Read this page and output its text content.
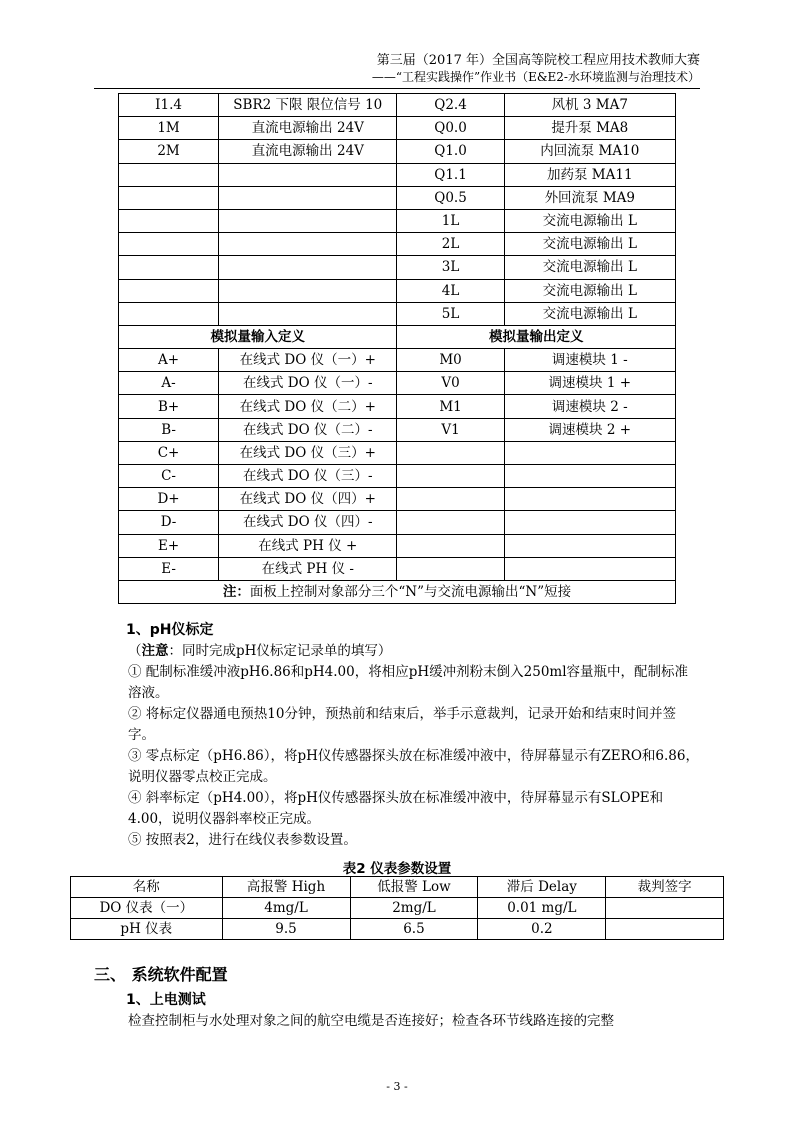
第三届（2017 年）全国高等院校工程应用技术教师大赛
——“工程实践操作”作业书（E&E2-水环境监测与治理技术）
I1.4	SBR2 下限 限位信号 10	Q2.4	风机 3 MA7
1M	直流电源输出 24V	Q0.0	提升泵 MA8
2M	直流电源输出 24V	Q1.0	内回流泵 MA10
		Q1.1	加药泵 MA11
		Q0.5	外回流泵 MA9
		1L	交流电源输出 L
		2L	交流电源输出 L
		3L	交流电源输出 L
		4L	交流电源输出 L
		5L	交流电源输出 L
模拟量输入定义		模拟量输出定义	
A+	在线式 DO 仪（一）+	M0	调速模块 1 -
A-	在线式 DO 仪（一）-	V0	调速模块 1 +
B+	在线式 DO 仪（二）+	M1	调速模块 2 -
B-	在线式 DO 仪（二）-	V1	调速模块 2 +
C+	在线式 DO 仪（三）+		
C-	在线式 DO 仪（三）-		
D+	在线式 DO 仪（四）+		
D-	在线式 DO 仪（四）-		
E+	在线式 PH 仪 +		
E-	在线式 PH 仪 -		
注：面板上控制对象部分三个“N”与交流电源输出“N”短接			
1、pH仪标定
（注意：同时完成pH仪标定记录单的填写）
① 配制标准缓冲液pH6.86和pH4.00，将相应pH缓冲剂粉末倒入250ml容量瓶中，配制标准溶液。
② 将标定仪器通电预热10分钟，预热前和结束后，举手示意裁判，记录开始和结束时间并签字。
③ 零点标定（pH6.86），将pH仪传感器探头放在标准缓冲液中，待屏幕显示有ZERO和6.86，说明仪器零点校正完成。
④ 斜率标定（pH4.00），将pH仪传感器探头放在标准缓冲液中，待屏幕显示有SLOPE和4.00，说明仪器斜率校正完成。
⑤ 按照表2，进行在线仪表参数设置。
表2 仪表参数设置
名称	高报警 High	低报警 Low	滞后 Delay	裁判签字
DO 仪表（一）	4mg/L	2mg/L	0.01 mg/L	
pH 仪表	9.5	6.5	0.2	
三、 系统软件配置
1、上电测试
检查控制柜与水处理对象之间的航空电缆是否连接好；检查各环节线路连接的完整
- 3 -
